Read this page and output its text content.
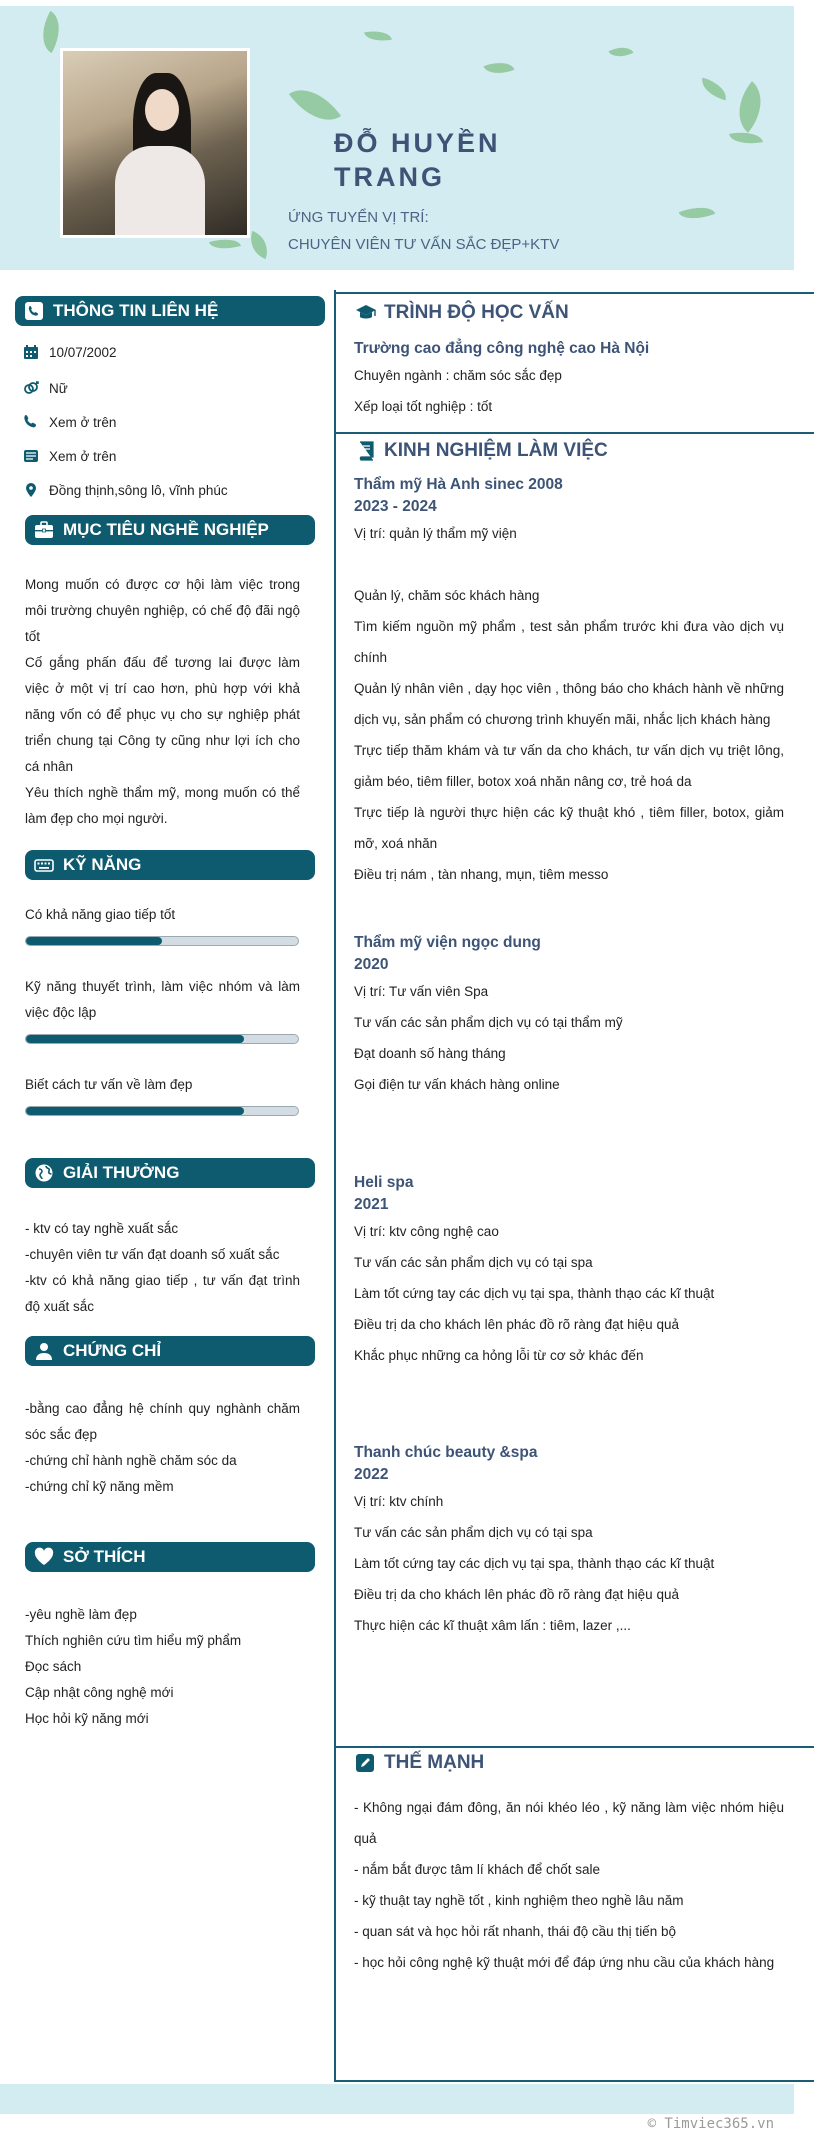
ĐỖ HUYỀN TRANG
ỨNG TUYỂN VỊ TRÍ:
CHUYÊN VIÊN TƯ VẤN SẮC ĐẸP+KTV
THÔNG TIN LIÊN HỆ
10/07/2002
Nữ
Xem ở trên
Xem ở trên
Đồng thịnh,sông lô, vĩnh phúc
MỤC TIÊU NGHỀ NGHIỆP

Mong muốn có được cơ hội làm việc trong môi trường chuyên nghiệp, có chế độ đãi ngộ tốt

Cố gắng phấn đấu để tương lai được làm việc ở một vị trí cao hơn, phù hợp với khả năng vốn có để phục vụ cho sự nghiệp phát triển chung tại Công ty cũng như lợi ích cho cá nhân

Yêu thích nghề thẩm mỹ, mong muốn có thể làm đẹp cho mọi người.

KỸ NĂNG
Có khả năng giao tiếp tốt
Kỹ năng thuyết trình, làm việc nhóm và làm việc độc lập
Biết cách tư vấn về làm đẹp
GIẢI THƯỞNG

- ktv có tay nghề xuất sắc

-chuyên viên tư vấn đạt doanh số xuất sắc

-ktv có khả năng giao tiếp , tư vấn đạt trình độ xuất sắc

CHỨNG CHỈ

-bằng cao đẳng hệ chính quy nghành chăm sóc sắc đẹp

-chứng chỉ hành nghề chăm sóc da

-chứng chỉ kỹ năng mềm

SỞ THÍCH

-yêu nghề làm đẹp

Thích nghiên cứu tìm hiểu mỹ phẩm

Đọc sách

Cập nhật công nghệ mới

Học hỏi kỹ năng mới

TRÌNH ĐỘ HỌC VẤN
Trường cao đẳng công nghệ cao Hà Nội

Chuyên ngành : chăm sóc sắc đẹp

Xếp loại tốt nghiệp : tốt

KINH NGHIỆM LÀM VIỆC
Thẩm mỹ Hà Anh sinec 2008
2023 - 2024
Vị trí: quản lý thẩm mỹ viện

Quản lý, chăm sóc khách hàng

Tìm kiếm nguồn mỹ phẩm , test sản phẩm trước khi đưa vào dịch vụ chính

Quản lý nhân viên , dạy học viên , thông báo cho khách hành về những dịch vụ, sản phẩm có chương trình khuyến mãi, nhắc lịch khách hàng

Trực tiếp thăm khám và tư vấn da cho khách, tư vấn dịch vụ triệt lông, giảm béo, tiêm filler, botox xoá nhăn nâng cơ, trẻ hoá da

Trực tiếp là người thực hiện các kỹ thuật khó , tiêm filler, botox, giảm mỡ, xoá nhăn

Điều trị nám , tàn nhang, mụn, tiêm messo

Thẩm mỹ viện ngọc dung
2020

Vị trí: Tư vấn viên Spa

Tư vấn các sản phẩm dịch vụ có tại thẩm mỹ

Đạt doanh số hàng tháng

Gọi điện tư vấn khách hàng online

Heli spa
2021

Vị trí: ktv công nghệ cao

Tư vấn các sản phẩm dịch vụ có tại spa

Làm tốt cứng tay các dịch vụ tại spa, thành thạo các kĩ thuật

Điều trị da cho khách lên phác đồ rõ ràng đạt hiệu quả

Khắc phục những ca hỏng lỗi từ cơ sở khác đến

Thanh chúc beauty &spa
2022

Vị trí: ktv chính

Tư vấn các sản phẩm dịch vụ có tại spa

Làm tốt cứng tay các dịch vụ tại spa, thành thạo các kĩ thuật

Điều trị da cho khách lên phác đồ rõ ràng đạt hiệu quả

Thực hiện các kĩ thuật xâm lấn : tiêm, lazer ,...

THẾ MẠNH

- Không ngại đám đông, ăn nói khéo léo , kỹ năng làm việc nhóm hiệu quả

- nắm bắt được tâm lí khách để chốt sale

- kỹ thuật tay nghề tốt , kinh nghiệm theo nghề lâu năm

- quan sát và học hỏi rất nhanh, thái độ cầu thị tiến bộ

- học hỏi công nghệ kỹ thuật mới để đáp ứng nhu cầu của khách hàng

© Timviec365.vn
